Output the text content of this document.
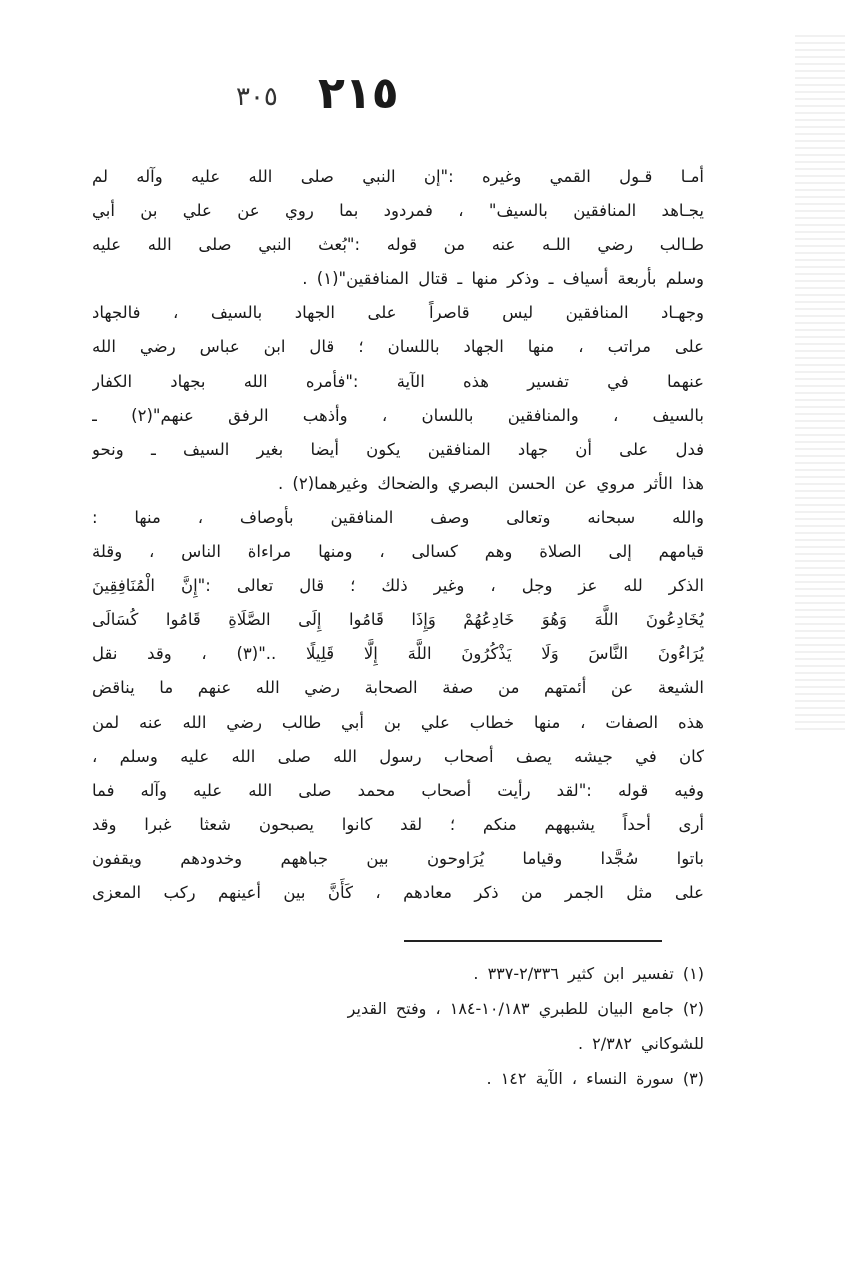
٢١٥
٣٠٥
أمـا قـول القمي وغيره :"إن النبي صلى الله عليه وآله لم
يجـاهد المنافقين بالسيف" ، فمردود بما روي عن علي بن أبي
طـالب رضي اللـه عنه من قوله :"بُعث النبي صلى الله عليه
وسلم بأربعة أسياف ـ وذكر منها ـ قتال المنافقين"(١) .
وجهـاد المنافقين ليس قاصراً على الجهاد بالسيف ، فالجهاد
على مراتب ، منها الجهاد باللسان ؛ قال ابن عباس رضي الله
عنهما في تفسير هذه الآية :"فأمره الله بجهاد الكفار
بالسيف ، والمنافقين باللسان ، وأذهب الرفق عنهم"(٢) ـ
فدل على أن جهاد المنافقين يكون أيضا بغير السيف ـ ونحو
هذا الأثر مروي عن الحسن البصري والضحاك وغيرهما(٢) .
والله سبحانه وتعالى وصف المنافقين بأوصاف ، منها :
قيامهم إلى الصلاة وهم كسالى ، ومنها مراءاة الناس ، وقلة
الذكر لله عز وجل ، وغير ذلك ؛ قال تعالى :"إِنَّ الْمُنَافِقِينَ
يُخَادِعُونَ اللَّهَ وَهُوَ خَادِعُهُمْ وَإِذَا قَامُوا إِلَى الصَّلَاةِ قَامُوا كُسَالَى
يُرَاءُونَ النَّاسَ وَلَا يَذْكُرُونَ اللَّهَ إِلَّا قَلِيلًا .."(٣) ، وقد نقل
الشيعة عن أئمتهم من صفة الصحابة رضي الله عنهم ما يناقض
هذه الصفات ، منها خطاب علي بن أبي طالب رضي الله عنه لمن
كان في جيشه يصف أصحاب رسول الله صلى الله عليه وسلم ،
وفيه قوله :"لقد رأيت أصحاب محمد صلى الله عليه وآله فما
أرى أحداً يشبههم منكم ؛ لقد كانوا يصبحون شعثا غبرا وقد
باتوا سُجَّدا وقياما يُرَاوحون بين جباههم وخدودهم ويقفون
على مثل الجمر من ذكر معادهم ، كَأَنَّ بين أعينهم ركب المعزى
(١) تفسير ابن كثير ٢/٣٣٦-٣٣٧ .
(٢) جامع البيان للطبري ١٠/١٨٣-١٨٤ ، وفتح القدير
للشوكاني ٢/٣٨٢ .
(٣) سورة النساء ، الآية ١٤٢ .
